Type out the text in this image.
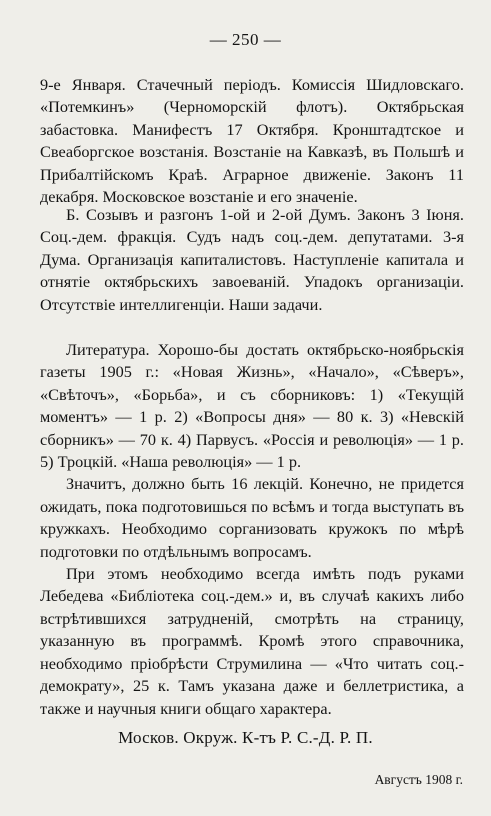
— 250 —

9-е Января. Стачечный періодъ. Комиссія Шидловскаго. «Потемкинъ» (Черноморскій флотъ). Октябрьская забастовка. Манифестъ 17 Октября. Кронштадтское и Свеаборгское возстанія. Возстаніе на Кавказѣ, въ Польшѣ и Прибалтійскомъ Краѣ. Аграрное движеніе. Законъ 11 декабря. Московское возстаніе и его значеніе.

Б. Созывъ и разгонъ 1-ой и 2-ой Думъ. Законъ 3 Іюня. Соц.-дем. фракція. Судъ надъ соц.-дем. депутатами. 3-я Дума. Организація капиталистовъ. Наступленіе капитала и отнятіе октябрьскихъ завоеваній. Упадокъ организаціи. Отсутствіе интеллигенціи. Наши задачи.

Литература. Хорошо-бы достать октябрьско-ноябрьскія газеты 1905 г.: «Новая Жизнь», «Начало», «Сѣверъ», «Свѣточъ», «Борьба», и съ сборниковъ: 1) «Текущій моментъ» — 1 р. 2) «Вопросы дня» — 80 к. 3) «Невскій сборникъ» — 70 к. 4) Парвусъ. «Россія и революція» — 1 р. 5) Троцкій. «Наша революція» — 1 р.

Значитъ, должно быть 16 лекцій. Конечно, не придется ожидать, пока подготовишься по всѣмъ и тогда выступать въ кружкахъ. Необходимо сорганизовать кружокъ по мѣрѣ подготовки по отдѣльнымъ вопросамъ.

При этомъ необходимо всегда имѣть подъ руками Лебедева «Библіотека соц.-дем.» и, въ случаѣ какихъ либо встрѣтившихся затрудненій, смотрѣть на страницу, указанную въ программѣ. Кромѣ этого справочника, необходимо пріобрѣсти Струмилина — «Что читать соц.-демократу», 25 к. Тамъ указана даже и беллетристика, а также и научныя книги общаго характера.

Москов. Окруж. К-тъ Р. С.-Д. Р. П.
Августъ 1908 г.
